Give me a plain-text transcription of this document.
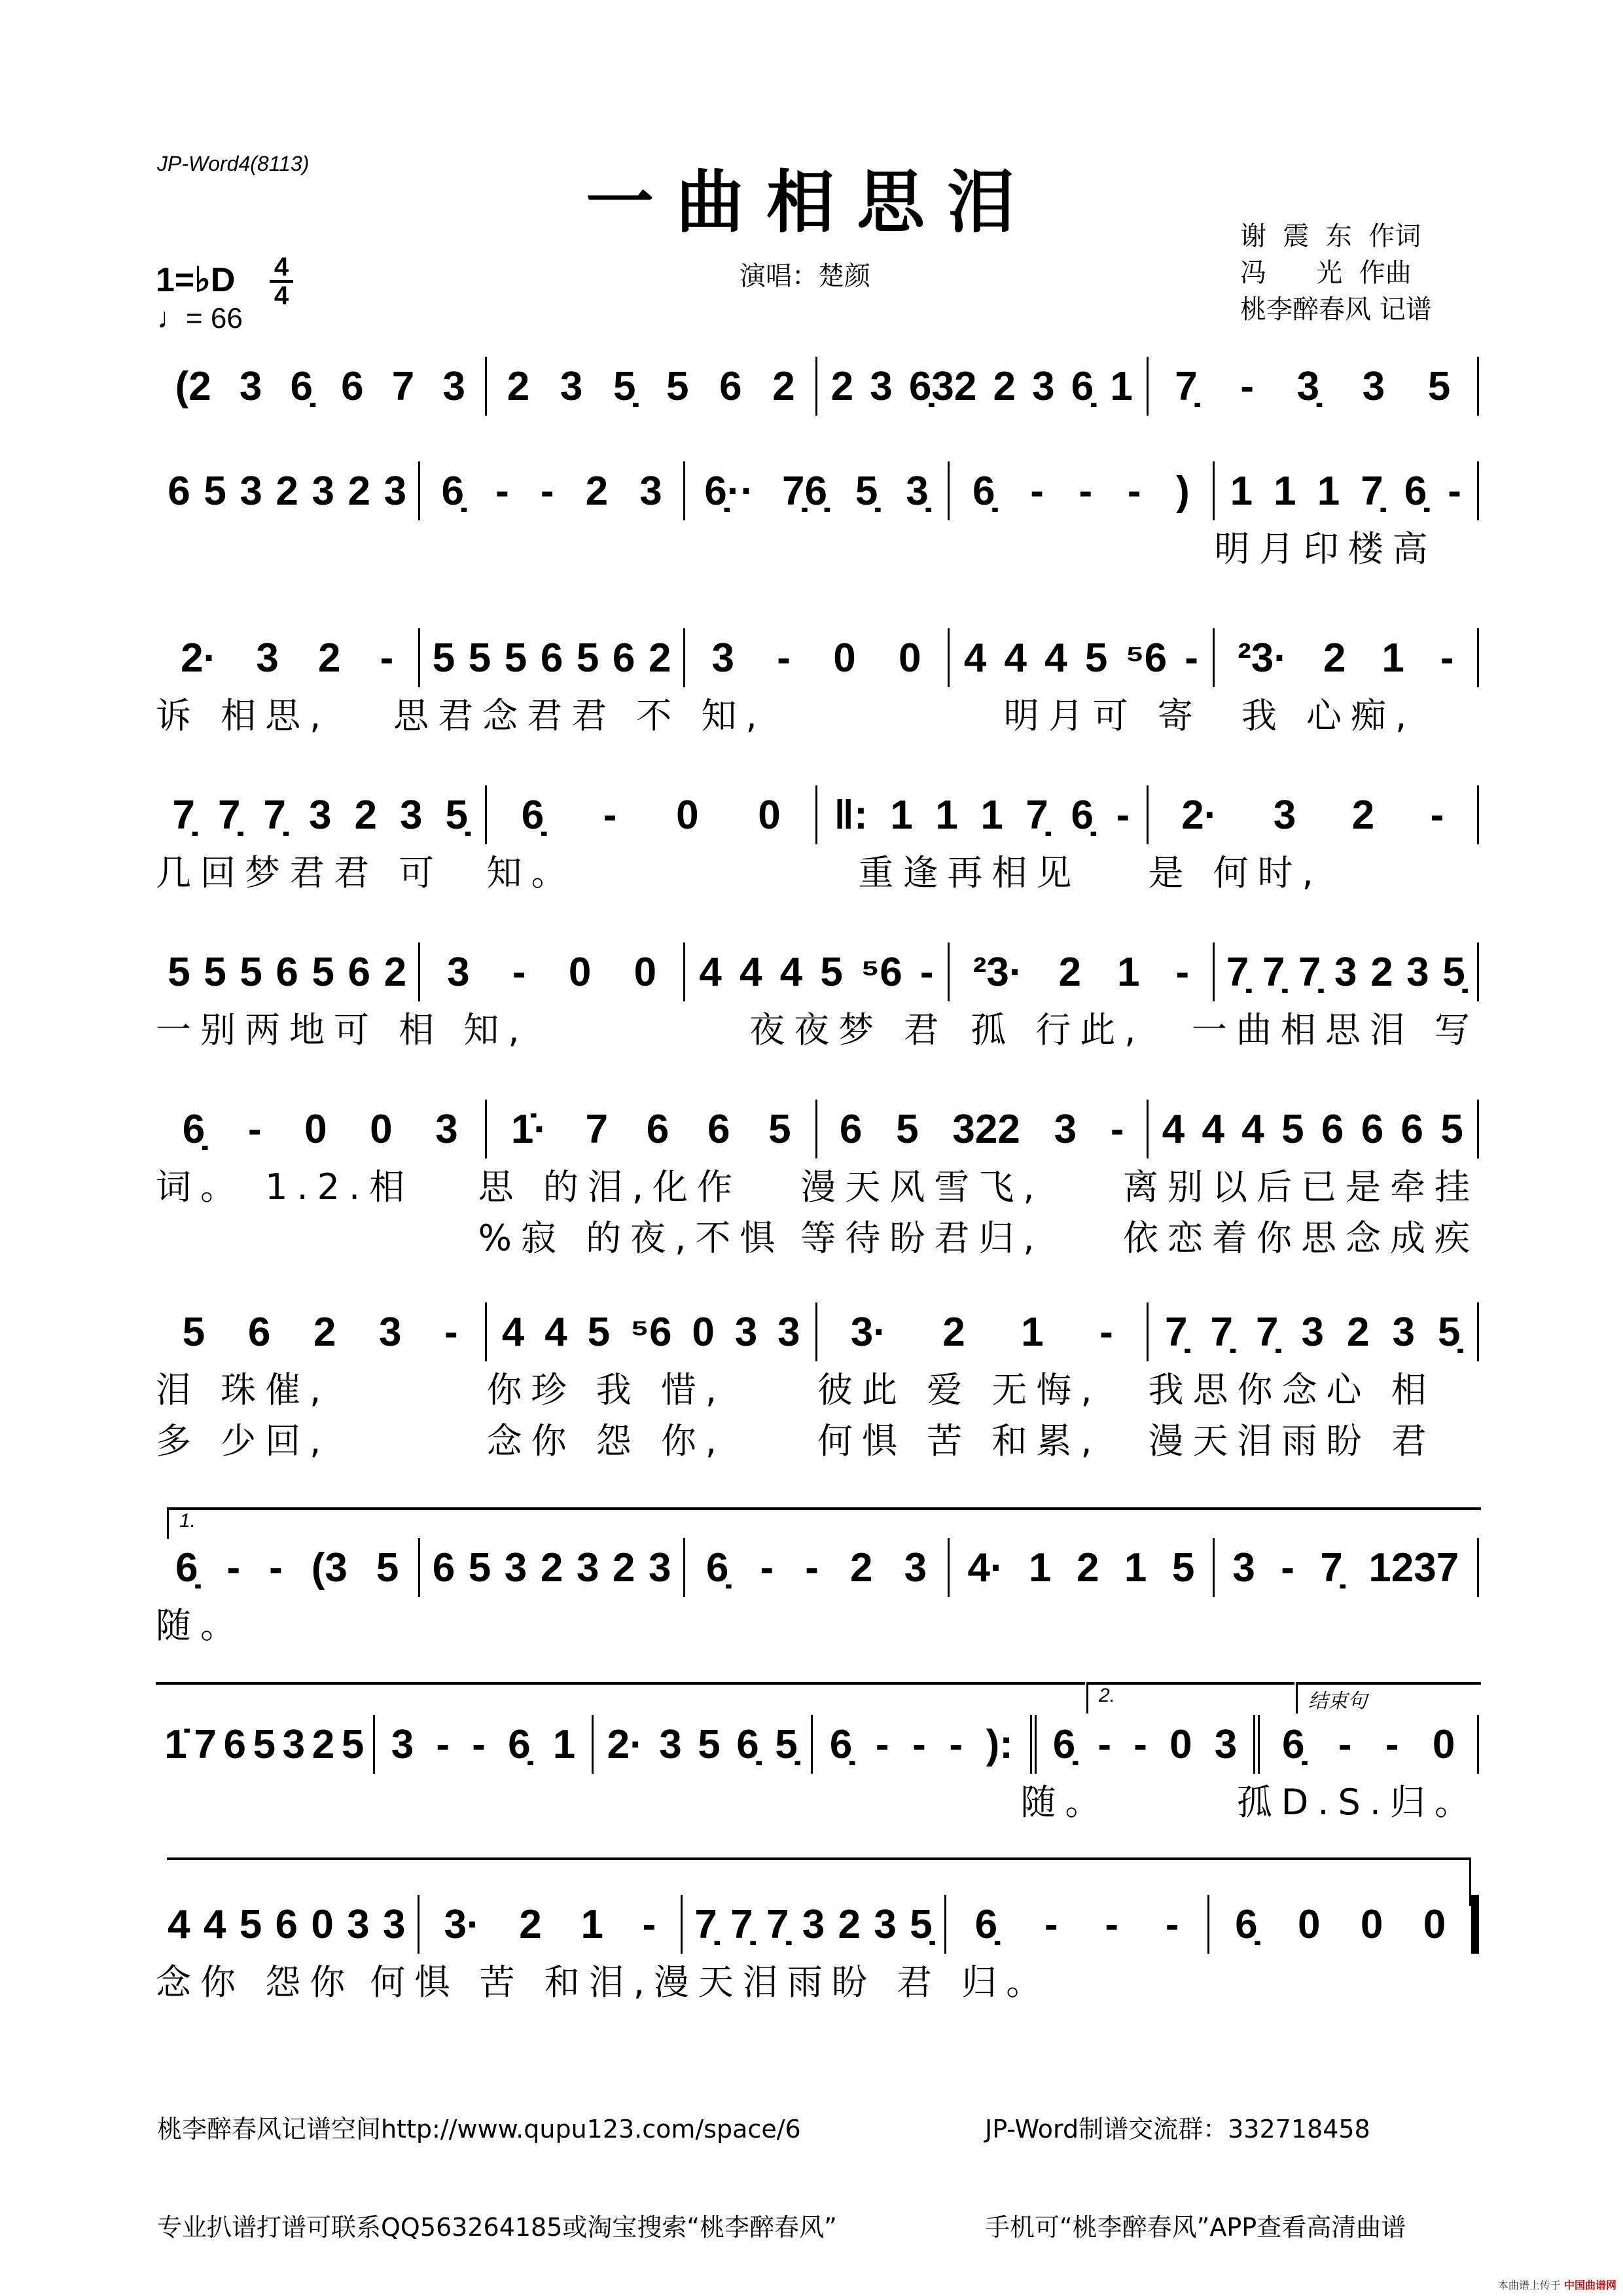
JP-Word4(8113)	一曲相思泪
演唱：楚颜
谢  震  东  作词
冯      光  作曲
桃李醉春风 记谱
1=♭D 4
4
♩= 66
(2 3 6̣ 6 7 3 2 3 5̣ 5 6 2 2 3 6̣32 2 3 6̣ 1 7̣ - 3̣ 3 5
6 5 3 2 3 2 3 6̣ - - 2 3 6̣·· 7̣6̣ 5̣ 3̣ 6̣ - - - ) 1 1 1 7̣ 6̣ -
明月印楼高
2· 3 2 - 5 5 5 6 5 6 2 3 - 0 0 4 4 4 5 ⁵6 - ²3· 2 1 -
诉 相思,	思君念君君 不 知,	明月可 寄	我 心痴,
7̣ 7̣ 7̣ 3 2 3 5̣ 6̣ - 0 0 ‖: 1 1 1 7̣ 6̣ - 2· 3 2 -
几回梦君君 可	知。	重逢再相见	是 何时,
5 5 5 6 5 6 2 3 - 0 0 4 4 4 5 ⁵6 - ²3· 2 1 - 7̣ 7̣ 7̣ 3 2 3 5̣
一别两地可 相 知,	夜夜梦 君 孤 行此,	一曲相思泪 写
6̣ - 0 0 3 1̇· 7 6 6 5 6 5 322 3 - 4 4 4 5 6 6 6 5
词。 1.2.相	思 的泪,化作	漫天风雪飞,	离别以后已是牵挂
%寂 的夜,不惧 等待盼君归,	依恋着你思念成疾
5 6 2 3 - 4 4 5 ⁵6 0 3 3 3· 2 1 - 7̣ 7̣ 7̣ 3 2 3 5̣
泪 珠催,	你珍 我 惜,	彼此 爱 无悔,	我思你念心 相
多 少回,	念你 怨 你,	何惧 苦 和累,	漫天泪雨盼 君
6̣ - - (3 5 6 5 3 2 3 2 3 6̣ - - 2 3 4· 1 2 1 5 3 - 7̣ 1237
随。
1̇ 7 6 5 3 2 5 3 - - 6̣ 1 2· 3 5 6̣ 5̣ 6̣ - - - ): 6̣ - - 0 3 6̣ - - 0
随。	孤D.S.归。
4 4 5 6 0 3 3 3· 2 1 - 7̣ 7̣ 7̣ 3 2 3 5̣ 6̣ - - - 6̣ 0 0 0
念你 怨你 何惧 苦 和泪, 漫天泪雨盼 君 归。
1.
2.	结束句

桃李醉春风记谱空间http://www.qupu123.com/space/6

专业扒谱打谱可联系QQ563264185或淘宝搜索“桃李醉春风”

JP-Word制谱交流群：332718458

手机可“桃李醉春风”APP查看高清曲谱

本曲谱上传于 中国曲谱网
